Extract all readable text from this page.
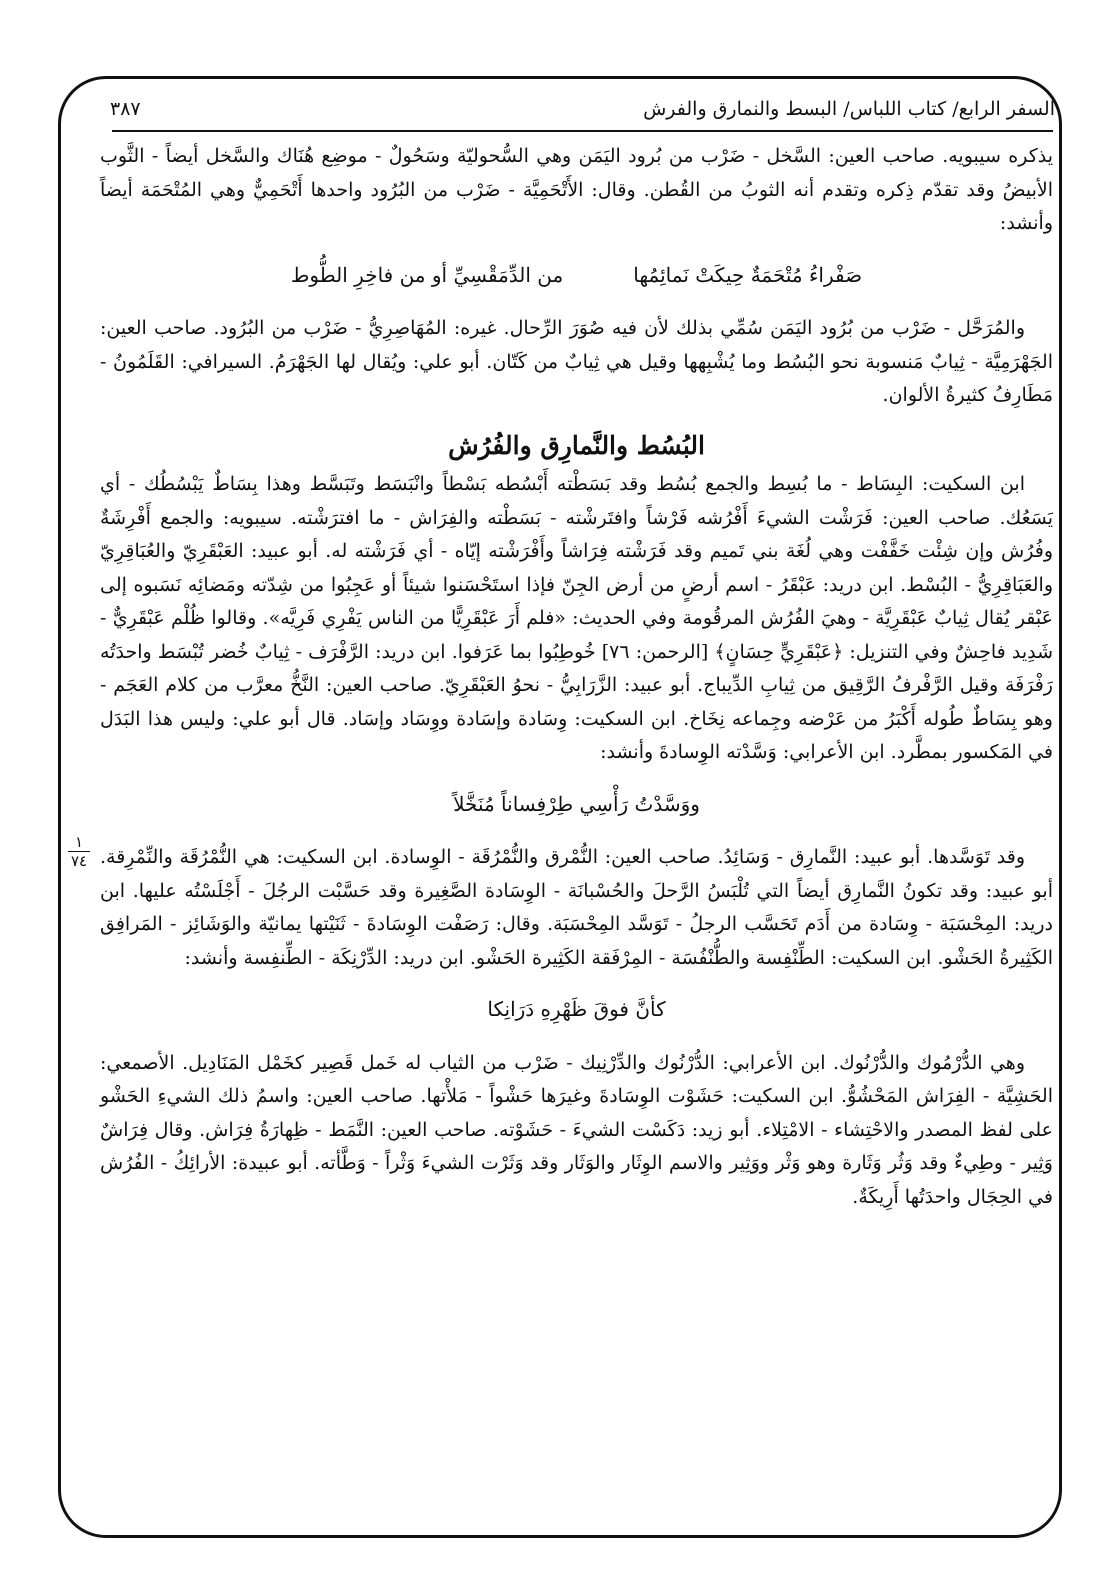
السفر الرابع/ كتاب اللباس/ البسط والنمارق والفرش
٣٨٧
١
٧٤

يذكره سيبويه. صاحب العين: السَّخل - ضَرْب من بُرود اليَمَن وهي السُّحوليّة وسَحُولٌ - موضِع هُنَاك والسَّخل أيضاً - الثَّوب الأبيضُ وقد تقدّم ذِكره وتقدم أنه الثوبُ من القُطن. وقال: الأَتْحَمِيَّة - ضَرْب من البُرُود واحدها أَتْحَمِيٌّ وهي المُتْحَمَة أيضاً وأنشد:

صَفْراءُ مُتْحَمَةٌ حِيكَتْ نَمائِمُها
من الدِّمَقْسِيِّ أو من فاخِرِ الطُّوط

والمُرَحَّل - ضَرْب من بُرُود اليَمَن سُمِّي بذلك لأن فيه صُوَرَ الرِّحال. غيره: المُهَاصِرِيُّ - ضَرْب من البُرُود. صاحب العين: الجَهْرَمِيَّة - ثِيابٌ مَنسوبة نحو البُسُط وما يُشْبِهها وقيل هي ثِيابٌ من كَتّان. أبو علي: ويُقال لها الجَهْرَمُ. السيرافي: القَلَمُونُ - مَطَارِفُ كثيرةُ الألوان.

البُسُط والنَّمارِق والفُرُش

ابن السكيت: البِسَاط - ما بُسِط والجمع بُسُط وقد بَسَطْته أَبْسُطه بَسْطاً وانْبَسَط وتَبَسَّط وهذا بِسَاطٌ يَبْسُطُك - أي يَسَعُك. صاحب العين: فَرَشْت الشيءَ أَفْرُشه فَرْشاً وافتَرشْته - بَسَطْته والفِرَاش - ما افترَشْته. سيبويه: والجمع أَفْرِشَةٌ وفُرُش وإن شِئْت خَفَّفْت وهي لُغَة بني تَميم وقد فَرَشْته فِرَاشاً وأَفْرَشْته إيّاه - أي فَرَشْته له. أبو عبيد: العَبْقَرِيّ والعُبَاقِرِيّ والعَبَاقِرِيُّ - البُسْط. ابن دريد: عَبْقَرُ - اسم أرضٍ من أرض الجِنّ فإذا استَحْسَنوا شيئاً أو عَجِبُوا من شِدّته ومَضائِه نَسَبوه إلى عَبْقر يُقال ثِيابٌ عَبْقَرِيَّة - وهيَ الفُرُش المرقُومة وفي الحديث: «فلم أَرَ عَبْقَرِيًّا من الناس يَفْرِي فَرِيَّه». وقالوا ظُلْم عَبْقَرِيٌّ - شَدِيد فاحِشٌ وفي التنزيل: ﴿عَبْقَرِيٍّ حِسَانٍ﴾ [الرحمن: ٧٦] خُوطِبُوا بما عَرَفوا. ابن دريد: الرَّفْرَف - ثِيابٌ خُضر تُبْسَط واحدَتُه رَفْرَفَة وقيل الرَّفْرفُ الرَّقِيق من ثِيابِ الدِّيباج. أبو عبيد: الزَّرَابِيُّ - نحوُ العَبْقَرِيّ. صاحب العين: النَّخُّ معرَّب من كلام العَجَم - وهو بِسَاطٌ طُوله أَكْبَرُ من عَرْضه وجِماعه نِخَاخ. ابن السكيت: وِسَادة وإسَادة ووِسَاد وإسَاد. قال أبو علي: وليس هذا البَدَل في المَكسور بمطَّرد. ابن الأعرابي: وَسَّدْته الوِسادةَ وأنشد:

ووَسَّدْتُ رَأْسِي طِرْفِساناً مُنَخَّلاً

وقد تَوَسَّدها. أبو عبيد: النَّمارِق - وَسَائِدُ. صاحب العين: النُّمْرق والنُّمْرُقَة - الوِسادة. ابن السكيت: هي النُّمْرُقَة والنِّمْرِقة. أبو عبيد: وقد تكونُ النَّمارِق أيضاً التي تُلْبَسُ الرَّحلَ والحُسْبانَة - الوِسَادة الصَّغِيرة وقد حَسَّبْت الرجُلَ - أَجْلَسْتُه عليها. ابن دريد: المِحْسَبَة - وِسَادة من أَدَم تَحَسَّب الرجلُ - تَوَسَّد المِحْسَبَة. وقال: رَصَفْت الوِسَادةَ - ثَنَيْتها يمانيّة والوَشَائِز - المَرافِق الكَثِيرةُ الحَشْو. ابن السكيت: الطِّنْفِسة والطُّنْفُسَة - المِرْفَقة الكَثِيرة الحَشْو. ابن دريد: الدِّرْنِكَة - الطِّنفِسة وأنشد:

كأنَّ فوقَ ظَهْرِهِ دَرَانِكا

وهي الدُّرْمُوك والدُّرْنُوك. ابن الأعرابي: الدُّرْنُوك والدِّرْنِيك - ضَرْب من الثياب له خَمل قَصِير كخَمْل المَنَادِيل. الأصمعي: الحَشِيَّة - الفِرَاش المَحْشُوُّ. ابن السكيت: حَشَوْت الوِسَادةَ وغيرَها حَشْواً - مَلأْتها. صاحب العين: واسمُ ذلك الشيءِ الحَشْو على لفظ المصدر والاحْتِشاء - الامْتِلاء. أبو زيد: دَكَسْت الشيءَ - حَشَوْته. صاحب العين: النَّمَط - ظِهارَةُ فِرَاش. وقال فِرَاشٌ وَثِير - وطِيءٌ وقد وَثُر وَثَارة وهو وَثْر ووَثِير والاسم الوِثَار والوَثَار وقد وَثَرْت الشيءَ وَثْراً - وَطَّأته. أبو عبيدة: الأرائِكُ - الفُرُش في الحِجَال واحدَتُها أَرِيكَةٌ.
